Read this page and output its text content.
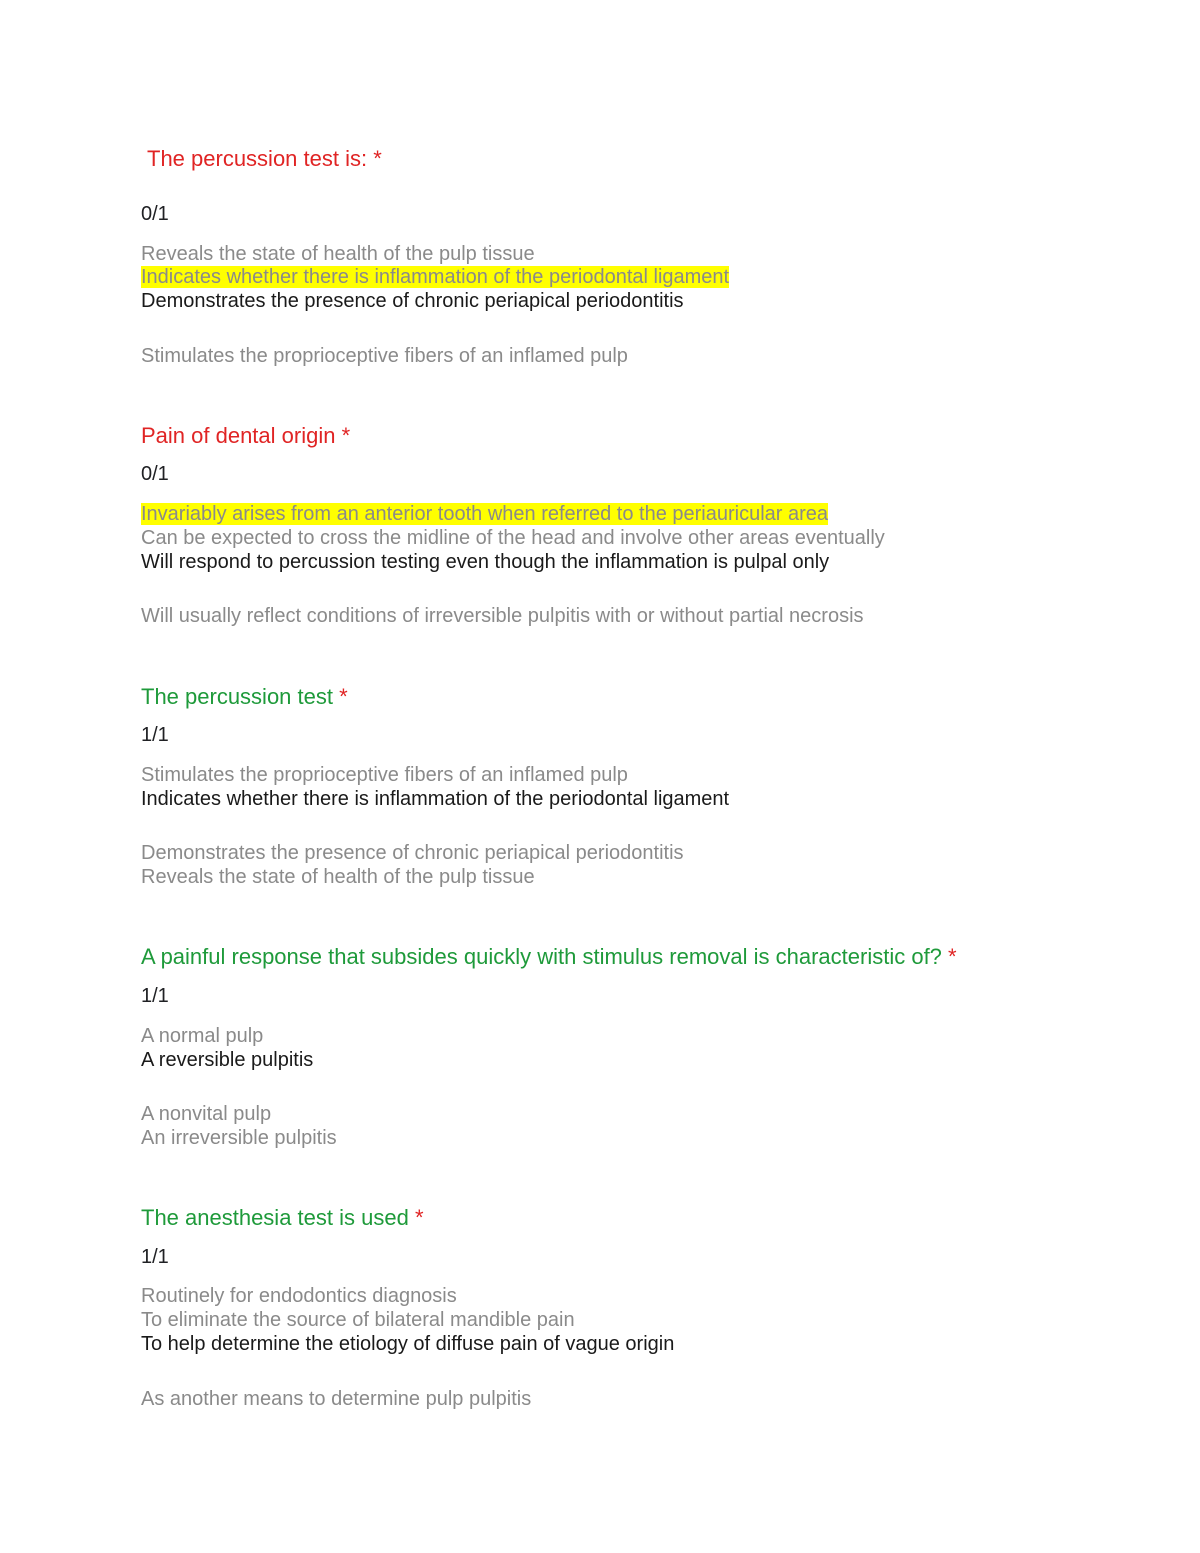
The percussion test is: *

0/1

Reveals the state of health of the pulp tissue

Indicates whether there is inflammation of the periodontal ligament

Demonstrates the presence of chronic periapical periodontitis

Stimulates the proprioceptive fibers of an inflamed pulp

Pain of dental origin *

0/1

Invariably arises from an anterior tooth when referred to the periauricular area

Can be expected to cross the midline of the head and involve other areas eventually

Will respond to percussion testing even though the inflammation is pulpal only

Will usually reflect conditions of irreversible pulpitis with or without partial necrosis

The percussion test *

1/1

Stimulates the proprioceptive fibers of an inflamed pulp

Indicates whether there is inflammation of the periodontal ligament

Demonstrates the presence of chronic periapical periodontitis

Reveals the state of health of the pulp tissue

A painful response that subsides quickly with stimulus removal is characteristic of? *

1/1

A normal pulp

A reversible pulpitis

A nonvital pulp

An irreversible pulpitis

The anesthesia test is used *

1/1

Routinely for endodontics diagnosis

To eliminate the source of bilateral mandible pain

To help determine the etiology of diffuse pain of vague origin

As another means to determine pulp pulpitis
